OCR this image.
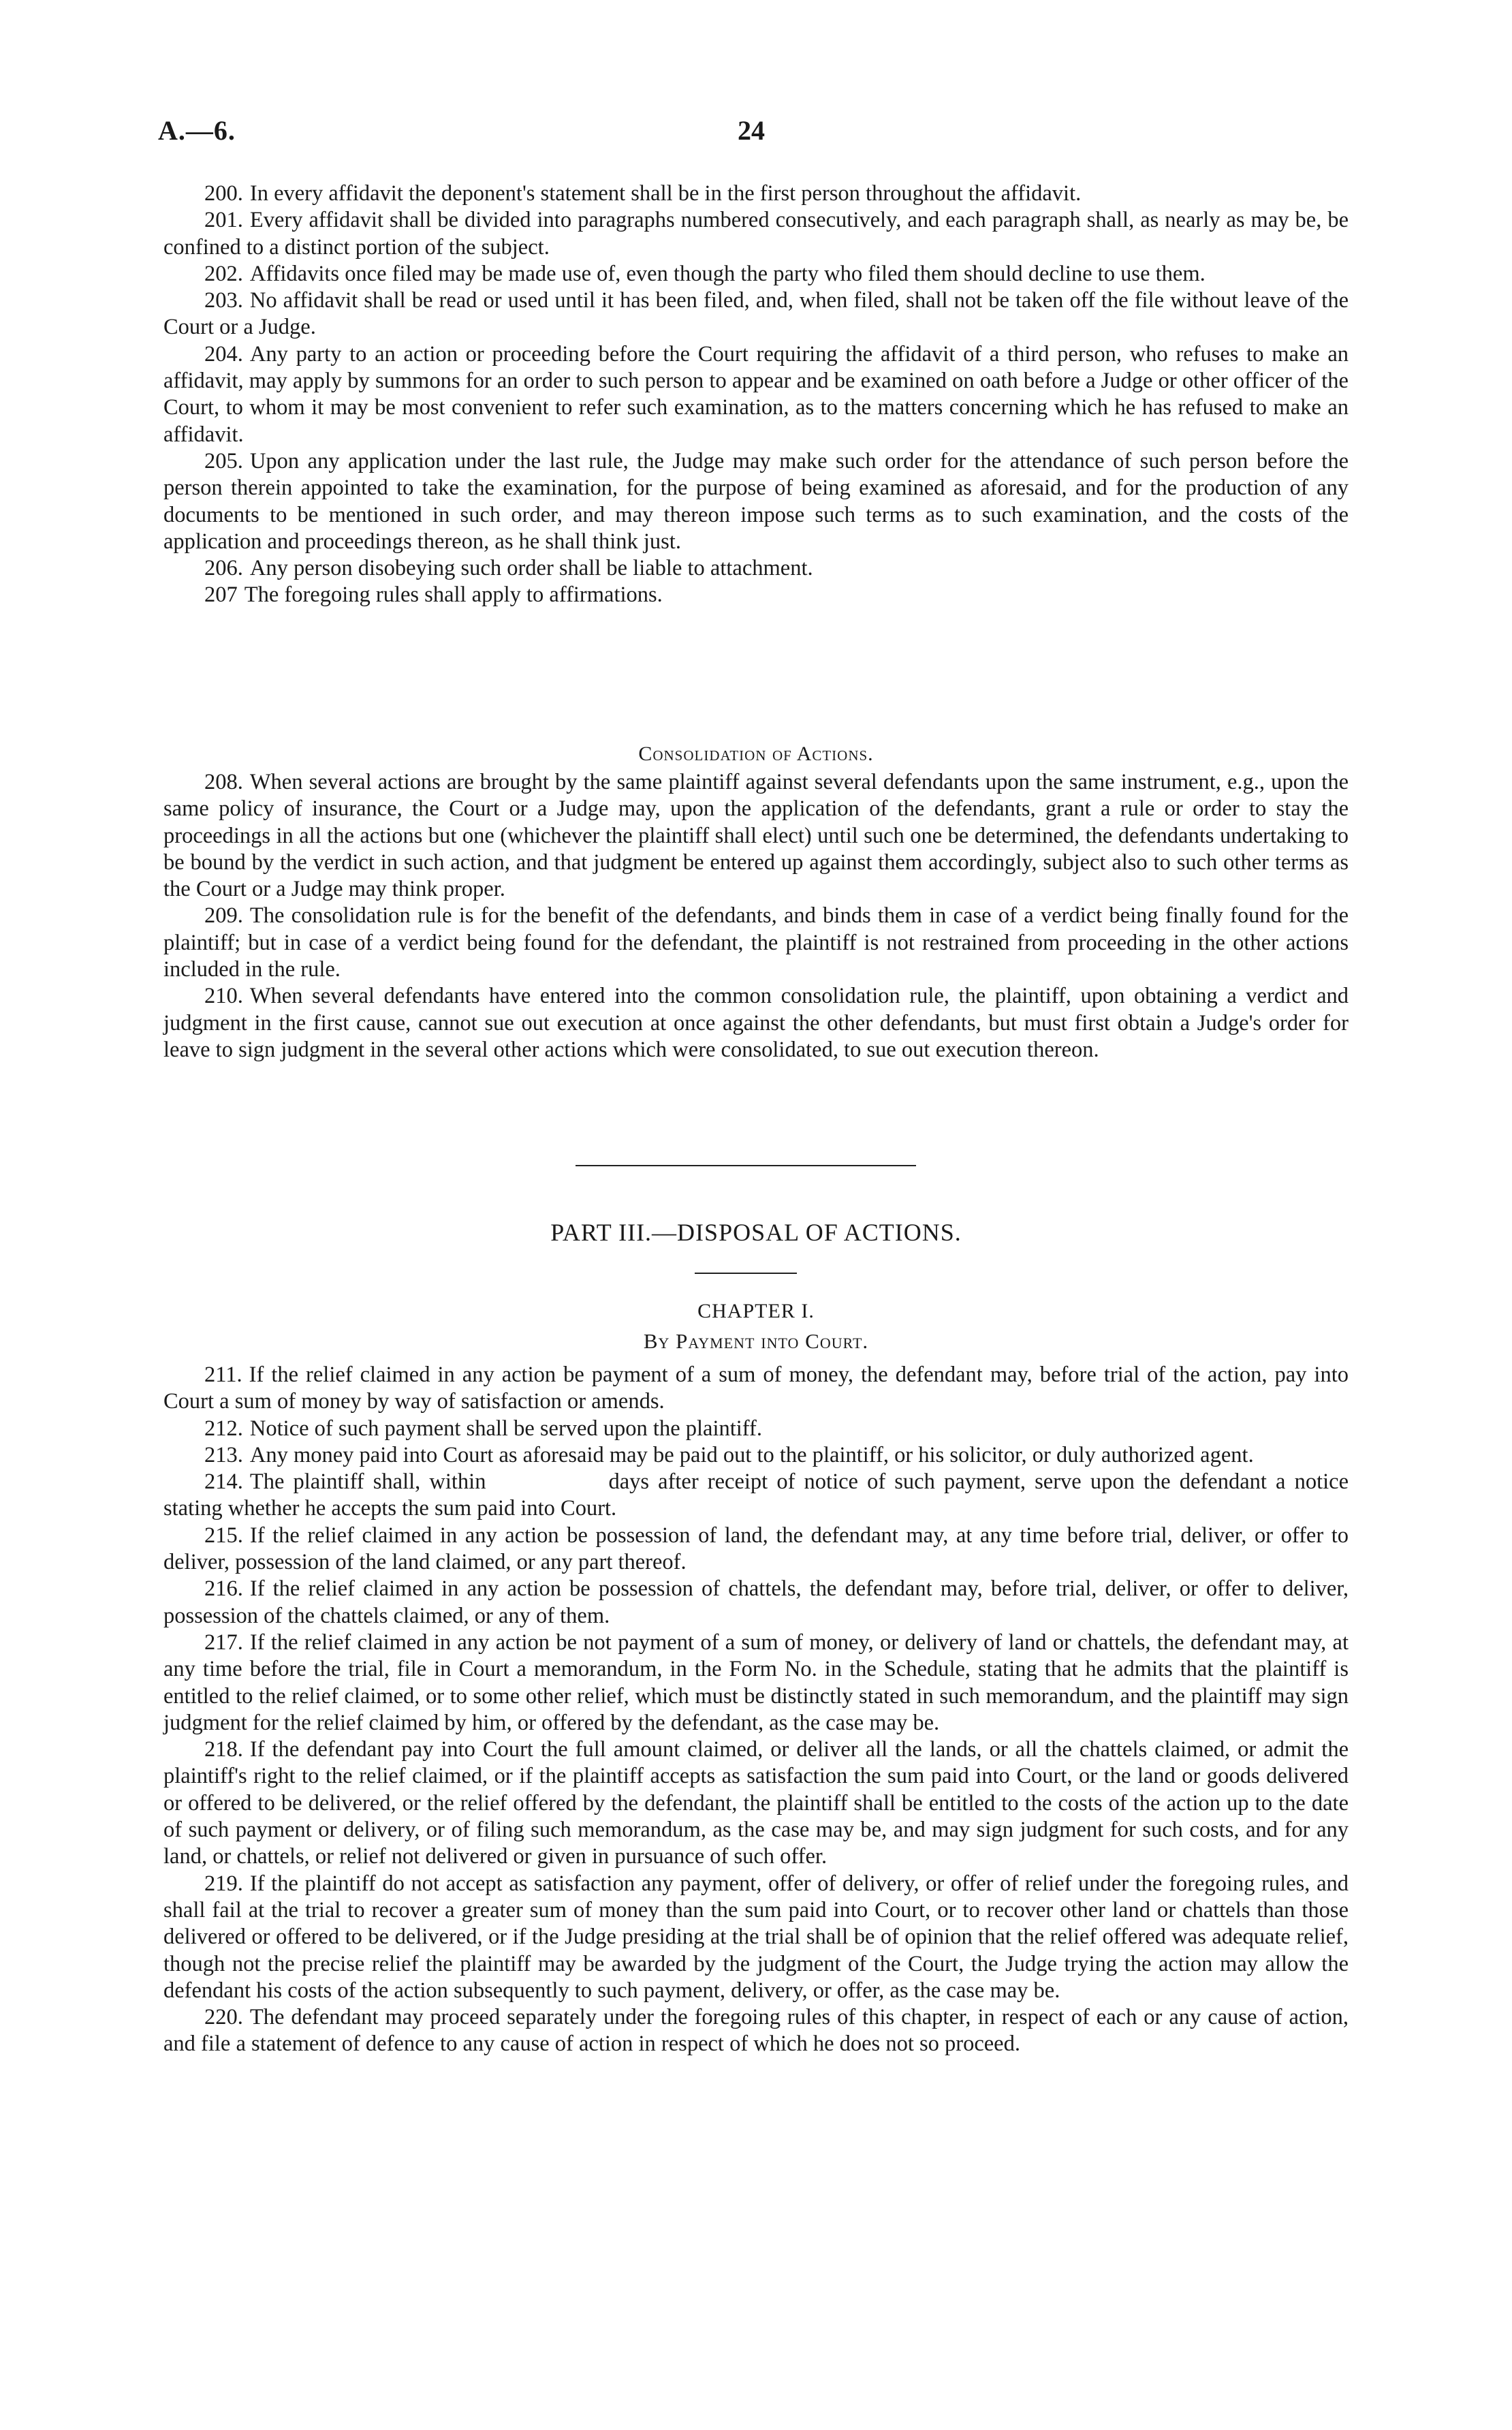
A.—6.	24

200. In every affidavit the deponent's statement shall be in the first person throughout the affidavit.

201. Every affidavit shall be divided into paragraphs numbered consecutively, and each paragraph shall, as nearly as may be, be confined to a distinct portion of the subject.

202. Affidavits once filed may be made use of, even though the party who filed them should decline to use them.

203. No affidavit shall be read or used until it has been filed, and, when filed, shall not be taken off the file without leave of the Court or a Judge.

204. Any party to an action or proceeding before the Court requiring the affidavit of a third person, who refuses to make an affidavit, may apply by summons for an order to such person to appear and be examined on oath before a Judge or other officer of the Court, to whom it may be most convenient to refer such examination, as to the matters concerning which he has refused to make an affidavit.

205. Upon any application under the last rule, the Judge may make such order for the attendance of such person before the person therein appointed to take the examination, for the purpose of being examined as aforesaid, and for the production of any documents to be mentioned in such order, and may thereon impose such terms as to such examination, and the costs of the application and proceedings thereon, as he shall think just.

206. Any person disobeying such order shall be liable to attachment.

207 The foregoing rules shall apply to affirmations.

Consolidation of Actions.

208. When several actions are brought by the same plaintiff against several defendants upon the same instrument, e.g., upon the same policy of insurance, the Court or a Judge may, upon the application of the defendants, grant a rule or order to stay the proceedings in all the actions but one (whichever the plaintiff shall elect) until such one be determined, the defendants undertaking to be bound by the verdict in such action, and that judgment be entered up against them accordingly, subject also to such other terms as the Court or a Judge may think proper.

209. The consolidation rule is for the benefit of the defendants, and binds them in case of a verdict being finally found for the plaintiff; but in case of a verdict being found for the defendant, the plaintiff is not restrained from proceeding in the other actions included in the rule.

210. When several defendants have entered into the common consolidation rule, the plaintiff, upon obtaining a verdict and judgment in the first cause, cannot sue out execution at once against the other defendants, but must first obtain a Judge's order for leave to sign judgment in the several other actions which were consolidated, to sue out execution thereon.

PART III.—DISPOSAL OF ACTIONS.
CHAPTER I.
By Payment into Court.

211. If the relief claimed in any action be payment of a sum of money, the defendant may, before trial of the action, pay into Court a sum of money by way of satisfaction or amends.

212. Notice of such payment shall be served upon the plaintiff.

213. Any money paid into Court as aforesaid may be paid out to the plaintiff, or his solicitor, or duly authorized agent.

214. The plaintiff shall, within	days after receipt of notice of such payment, serve upon the defendant a notice stating whether he accepts the sum paid into Court.

215. If the relief claimed in any action be possession of land, the defendant may, at any time before trial, deliver, or offer to deliver, possession of the land claimed, or any part thereof.

216. If the relief claimed in any action be possession of chattels, the defendant may, before trial, deliver, or offer to deliver, possession of the chattels claimed, or any of them.

217. If the relief claimed in any action be not payment of a sum of money, or delivery of land or chattels, the defendant may, at any time before the trial, file in Court a memorandum, in the Form No. in the Schedule, stating that he admits that the plaintiff is entitled to the relief claimed, or to some other relief, which must be distinctly stated in such memorandum, and the plaintiff may sign judgment for the relief claimed by him, or offered by the defendant, as the case may be.

218. If the defendant pay into Court the full amount claimed, or deliver all the lands, or all the chattels claimed, or admit the plaintiff's right to the relief claimed, or if the plaintiff accepts as satisfaction the sum paid into Court, or the land or goods delivered or offered to be delivered, or the relief offered by the defendant, the plaintiff shall be entitled to the costs of the action up to the date of such payment or delivery, or of filing such memorandum, as the case may be, and may sign judgment for such costs, and for any land, or chattels, or relief not delivered or given in pursuance of such offer.

219. If the plaintiff do not accept as satisfaction any payment, offer of delivery, or offer of relief under the foregoing rules, and shall fail at the trial to recover a greater sum of money than the sum paid into Court, or to recover other land or chattels than those delivered or offered to be delivered, or if the Judge presiding at the trial shall be of opinion that the relief offered was adequate relief, though not the precise relief the plaintiff may be awarded by the judgment of the Court, the Judge trying the action may allow the defendant his costs of the action subsequently to such payment, delivery, or offer, as the case may be.

220. The defendant may proceed separately under the foregoing rules of this chapter, in respect of each or any cause of action, and file a statement of defence to any cause of action in respect of which he does not so proceed.
